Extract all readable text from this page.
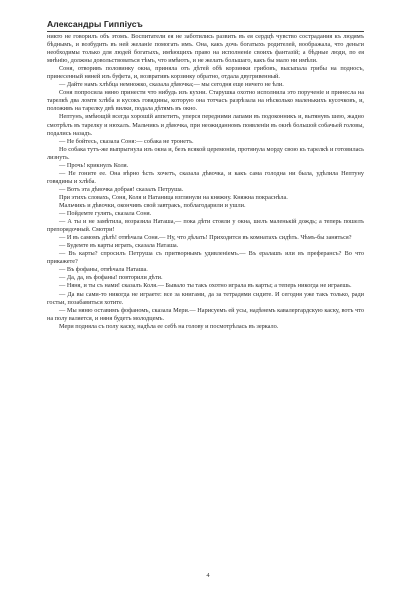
Александры Гиппiусъ

никто не говорилъ объ этомъ. Воспитатели ея не заботились развить въ ея сердцѣ чувство сострадания къ людямъ бѣднымъ, и возбудить въ ней желанiе помогать имъ. Она, какъ дочь богатыхъ родителей, воображала, что деньги необходимы только для людей богатыхъ, имѣющихъ право на исполненiе своихъ фантазiй; а бѣдные люди, по ея мнѣнiю, должны довольствоваться тѣмъ, что имѣютъ, и не желать большаго, какъ бы мало ни имѣли.

Соня, отворивъ половинку окна, приняла отъ дѣтей обѣ корзинки грибовъ, высыпала грибы на подносъ, принесенный няней изъ буфета, и, возвративъ корзинку обратно, отдала двугривенный.

— Дайте намъ хлѣбца немножко, сказала дѣвочка;— мы сегодня еще ничего не ѣли.

Соня попросила няню принести что нибудь изъ кухни. Старушка охотно исполнила это порученiе и принесла на тарелкѣ два ломтя хлѣба и кусокъ говядины, которую она тотчасъ разрѣзала на нѣсколько маленькихъ кусочковъ, и, положивъ на тарелку двѣ вилки, подала дѣтямъ въ окно.

Нептунъ, имѣющiй всегда хорошiй аппетитъ, уперся передними лапами въ подоконникъ и, вытянувъ шею, жадно смотрѣлъ въ тарелку и нюхалъ. Мальчикъ и дѣвочка, при неожиданномъ появленiи въ окнѣ большой собачьей головы, подались назадъ.

— Не бойтесь, сказала Соня:— собака не тронетъ.

Но собака тутъ-же выпрыгнула изъ окна и, безъ всякой церемонiи, протянула морду свою къ тарелкѣ и готовилась лизнуть.

— Прочь! крикнулъ Коля.

— Не гоните ее. Она вѣрно ѣсть хочетъ, сказала дѣвочка, и какъ сама голодна ни была, удѣлила Нептуну говядины и хлѣба.

— Вотъ эта дѣвочка добрая! сказалъ Петруша.

При этихъ словахъ, Соня, Коля и Натаница взглянули на княжну. Княжна покраснѣла.

Мальчикъ и дѣвочки, окончивъ свой завтракъ, поблагодарили и ушли.

— Пойдемте гулять, сказала Соня.

— А ты и не замѣтила, возразила Наташа,— пока дѣти стояли у окна, шелъ маленькiй дождь; а теперь пошелъ препорядочный. Смотри!

— И въ самомъ дѣлѣ! отвѣчала Соня.— Ну, что дѣлать! Приходится въ комнатахъ сидѣть. Чѣмъ-бы заняться?

— Будемте въ карты играть, сказала Наташа.

— Въ карты? спросилъ Петруша съ притворнымъ удивленiемъ.— Въ ералашъ или въ преферансъ? Во что прикажете?

— Въ фофаны, отвѣчала Наташа.

— Да, да, въ фофаны! повторили дѣти.

— Няня, и ты съ нами! сказалъ Коля.— Бывало ты такъ охотно играла въ карты; а теперь никогда не играешь.

— Да вы сами-то никогда не играете: все за книгами, да за тетрадями сидите. И сегодня уже такъ только, ради гостьи, позабавиться хотите.

— Мы няню оставимъ фофаномъ, сказала Мери.— Нарисуемъ ей усы, надѣнемъ кавалергардскую каску, вотъ что на полу валяется, и няня будетъ молодцемъ.

Мери подняла съ полу каску, надѣла ее себѣ на голову и посмотрѣлась въ зеркало.

4
